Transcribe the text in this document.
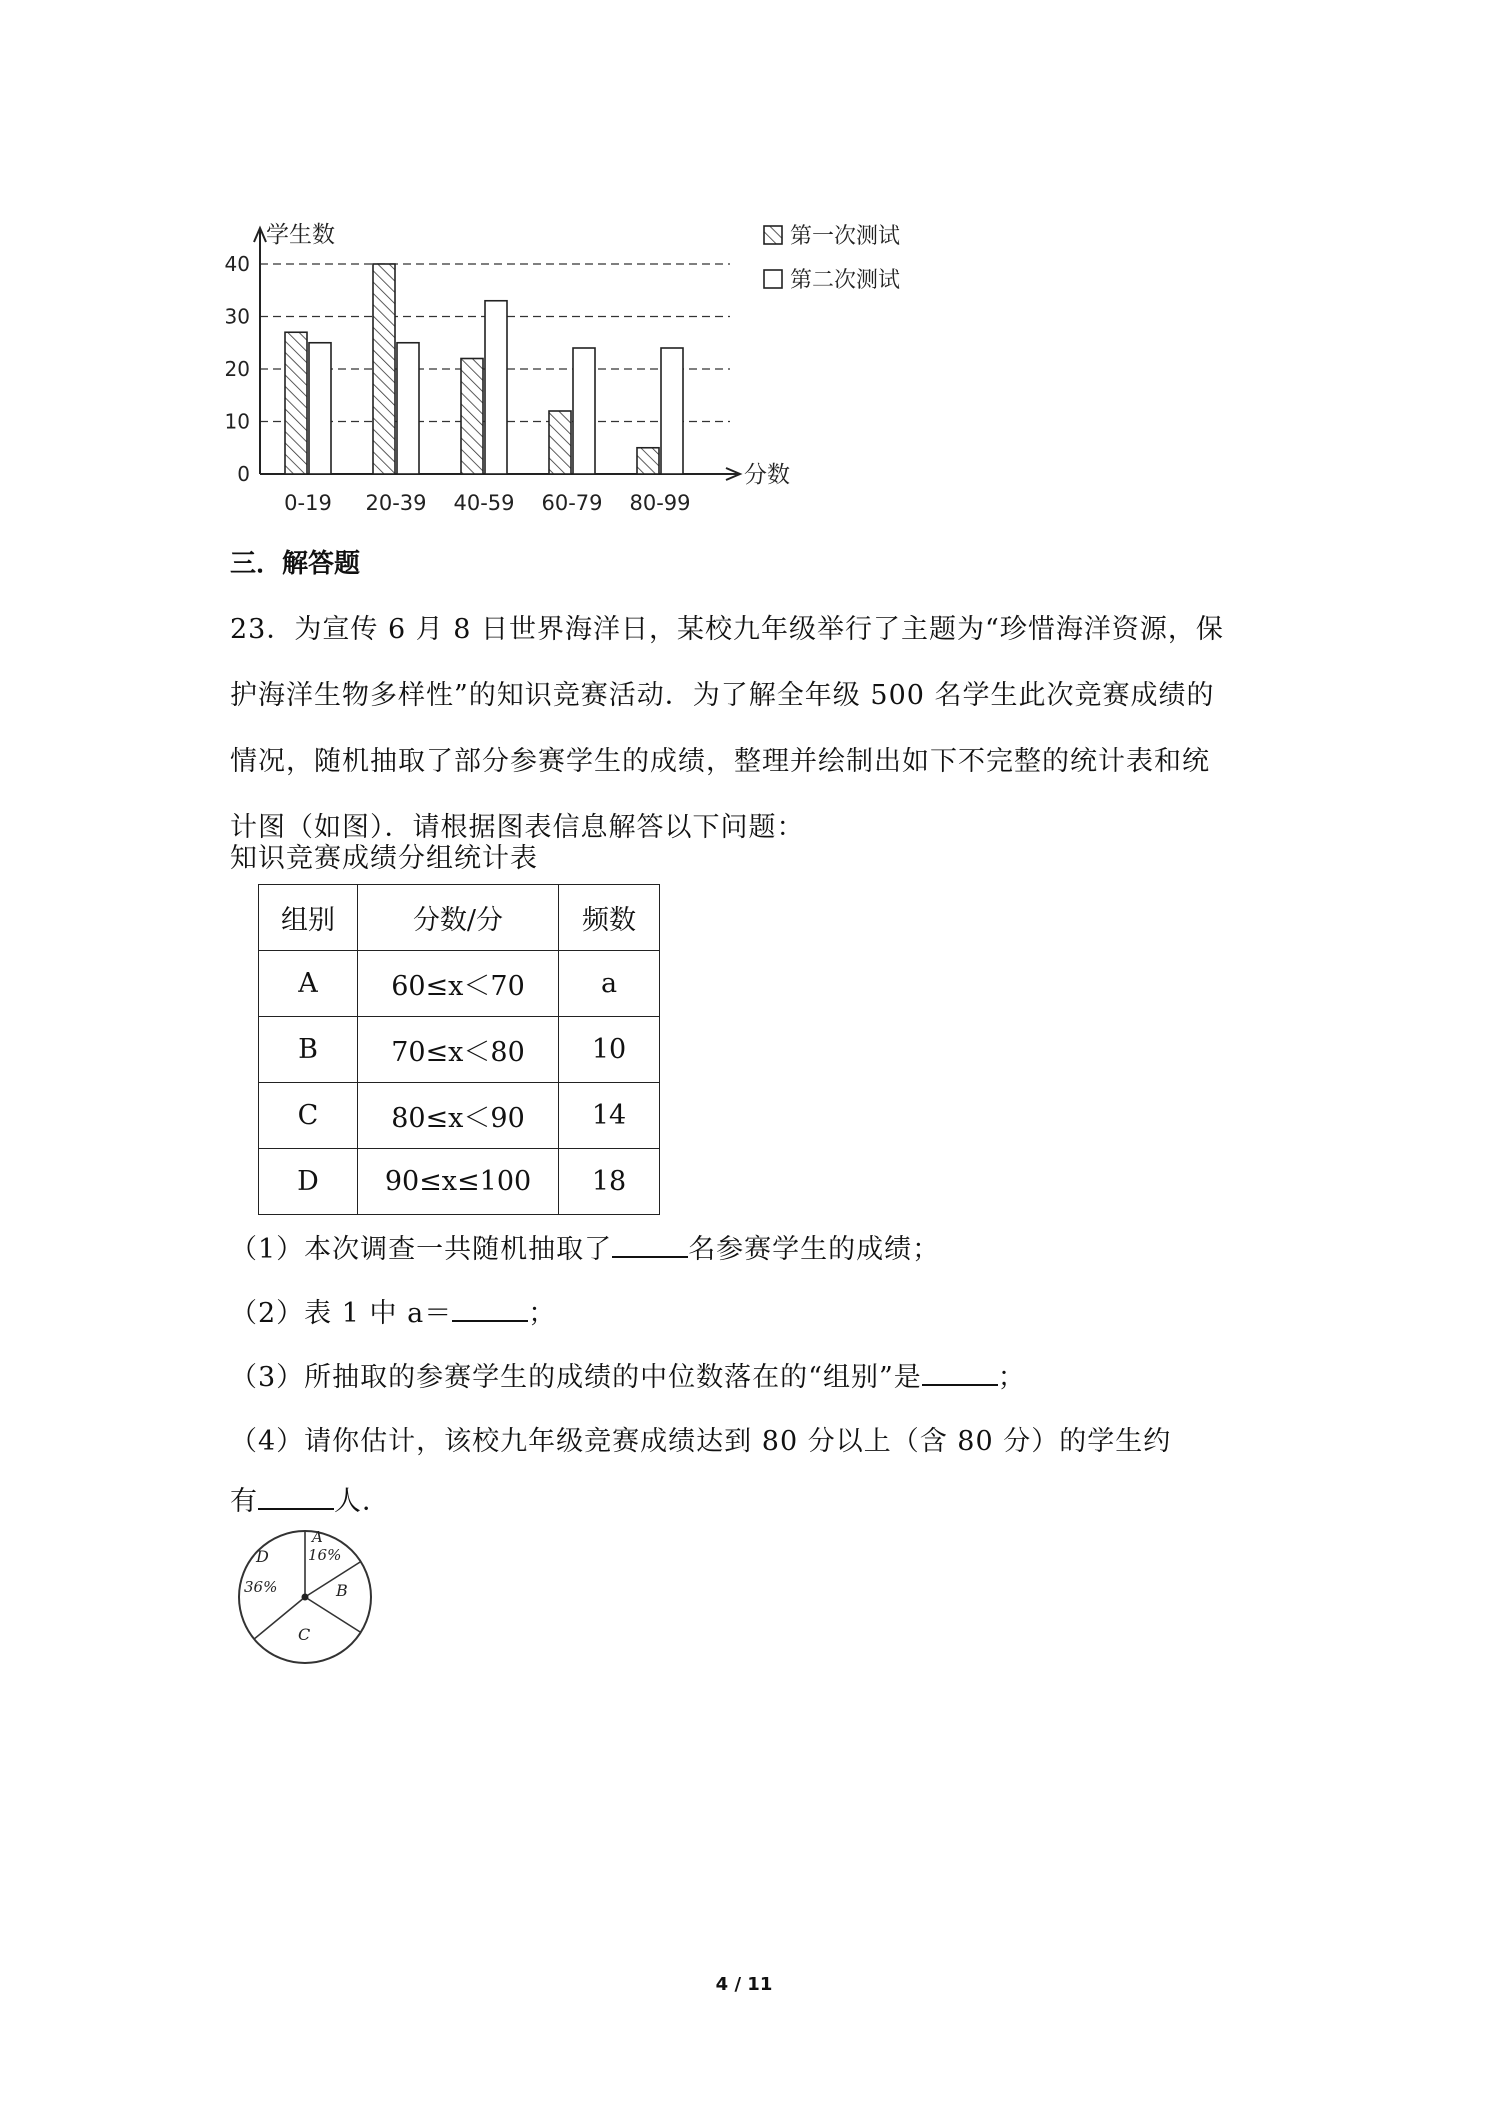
0
10
20
30
40
学生数
分数
0-19 20-39 40-59 60-79 80-99
第一次测试
第二次测试
三．解答题

23．为宣传 6 月 8 日世界海洋日，某校九年级举行了主题为“珍惜海洋资源，保

护海洋生物多样性”的知识竞赛活动．为了解全年级 500 名学生此次竞赛成绩的

情况，随机抽取了部分参赛学生的成绩，整理并绘制出如下不完整的统计表和统

计图（如图）．请根据图表信息解答以下问题：

知识竞赛成绩分组统计表
组别	分数/分	频数
A	60≤x＜70	a
B	70≤x＜80	10
C	80≤x＜90	14
D	90≤x≤100	18
（1）本次调查一共随机抽取了	名参赛学生的成绩；
（2）表 1 中 a＝	；
（3）所抽取的参赛学生的成绩的中位数落在的“组别”是	；
（4）请你估计，该校九年级竞赛成绩达到 80 分以上（含 80 分）的学生约
有	人．
A
16%
B
C
D
36%
4 / 11
